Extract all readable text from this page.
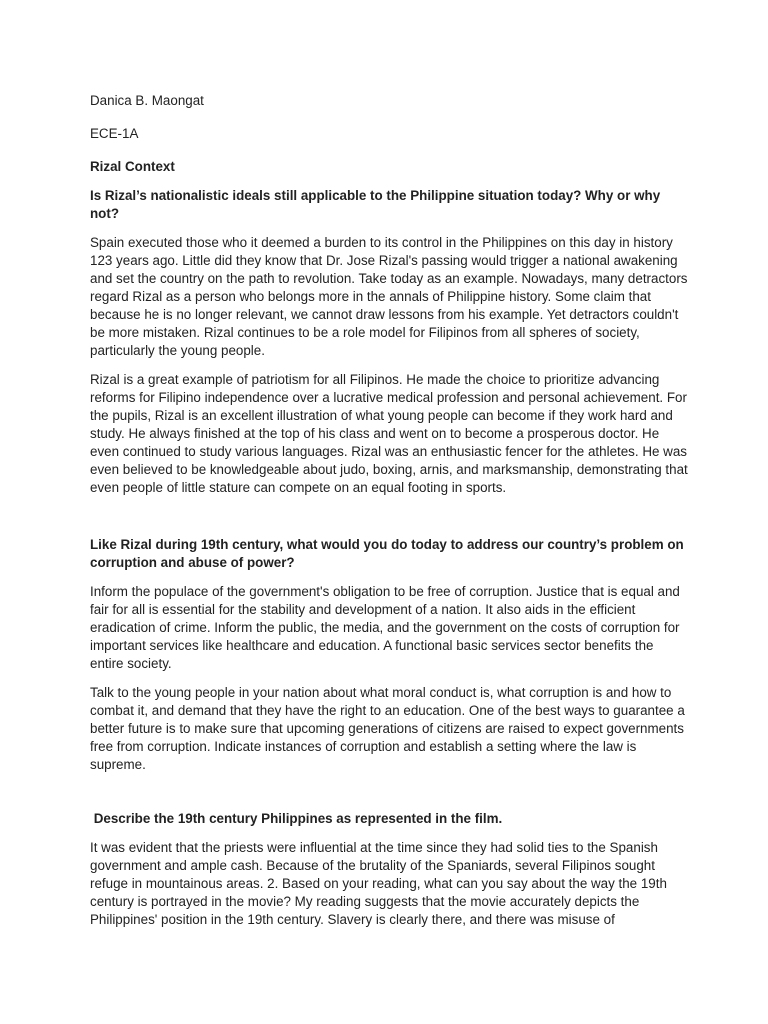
Danica B. Maongat

ECE-1A

Rizal Context

Is Rizal’s nationalistic ideals still applicable to the Philippine situation today? Why or why not?

Spain executed those who it deemed a burden to its control in the Philippines on this day in history 123 years ago. Little did they know that Dr. Jose Rizal's passing would trigger a national awakening and set the country on the path to revolution. Take today as an example. Nowadays, many detractors regard Rizal as a person who belongs more in the annals of Philippine history. Some claim that because he is no longer relevant, we cannot draw lessons from his example. Yet detractors couldn't be more mistaken. Rizal continues to be a role model for Filipinos from all spheres of society, particularly the young people.

Rizal is a great example of patriotism for all Filipinos. He made the choice to prioritize advancing reforms for Filipino independence over a lucrative medical profession and personal achievement. For the pupils, Rizal is an excellent illustration of what young people can become if they work hard and study. He always finished at the top of his class and went on to become a prosperous doctor. He even continued to study various languages. Rizal was an enthusiastic fencer for the athletes. He was even believed to be knowledgeable about judo, boxing, arnis, and marksmanship, demonstrating that even people of little stature can compete on an equal footing in sports.

Like Rizal during 19th century, what would you do today to address our country’s problem on corruption and abuse of power?

Inform the populace of the government's obligation to be free of corruption. Justice that is equal and fair for all is essential for the stability and development of a nation. It also aids in the efficient eradication of crime. Inform the public, the media, and the government on the costs of corruption for important services like healthcare and education. A functional basic services sector benefits the entire society.

Talk to the young people in your nation about what moral conduct is, what corruption is and how to combat it, and demand that they have the right to an education. One of the best ways to guarantee a better future is to make sure that upcoming generations of citizens are raised to expect governments free from corruption. Indicate instances of corruption and establish a setting where the law is supreme.

Describe the 19th century Philippines as represented in the film.

It was evident that the priests were influential at the time since they had solid ties to the Spanish government and ample cash. Because of the brutality of the Spaniards, several Filipinos sought refuge in mountainous areas. 2. Based on your reading, what can you say about the way the 19th century is portrayed in the movie? My reading suggests that the movie accurately depicts the Philippines' position in the 19th century. Slavery is clearly there, and there was misuse of
